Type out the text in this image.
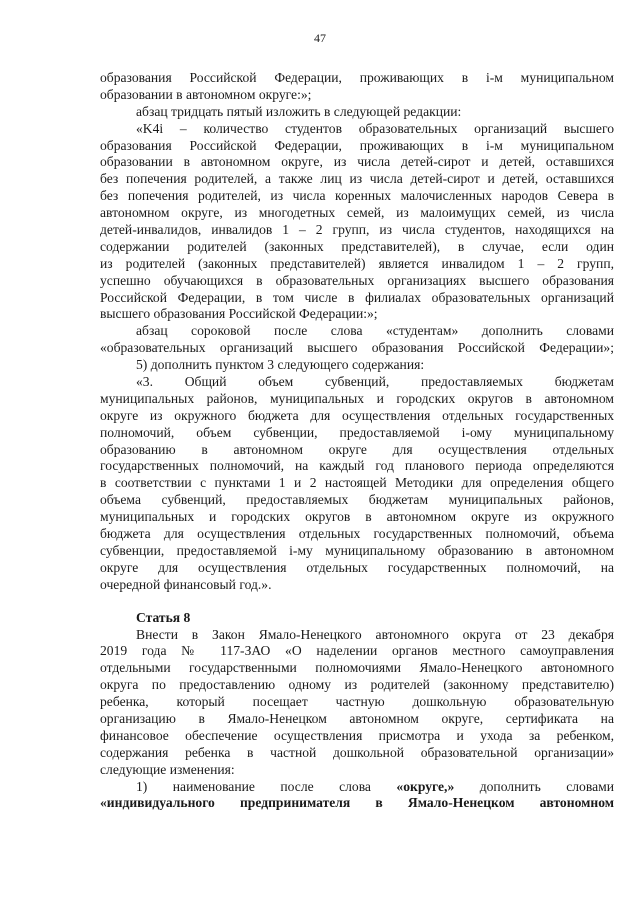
47
образования Российской Федерации, проживающих в i-м муниципальном
образовании в автономном округе:»;
абзац тридцать пятый изложить в следующей редакции:
«K4i – количество студентов образовательных организаций высшего
образования Российской Федерации, проживающих в i-м муниципальном
образовании в автономном округе, из числа детей-сирот и детей, оставшихся
без попечения родителей, а также лиц из числа детей-сирот и детей, оставшихся
без попечения родителей, из числа коренных малочисленных народов Севера в
автономном округе, из многодетных семей, из малоимущих семей, из числа
детей-инвалидов, инвалидов 1 – 2 групп, из числа студентов, находящихся на
содержании родителей (законных представителей), в случае, если один
из родителей (законных представителей) является инвалидом 1 – 2 групп,
успешно обучающихся в образовательных организациях высшего образования
Российской Федерации, в том числе в филиалах образовательных организаций
высшего образования Российской Федерации:»;
абзац сороковой после слова «студентам» дополнить словами
«образовательных организаций высшего образования Российской Федерации»;
5) дополнить пунктом 3 следующего содержания:
«3. Общий объем субвенций, предоставляемых бюджетам
муниципальных районов, муниципальных и городских округов в автономном
округе из окружного бюджета для осуществления отдельных государственных
полномочий, объем субвенции, предоставляемой i-ому муниципальному
образованию в автономном округе для осуществления отдельных
государственных полномочий, на каждый год планового периода определяются
в соответствии с пунктами 1 и 2 настоящей Методики для определения общего
объема субвенций, предоставляемых бюджетам муниципальных районов,
муниципальных и городских округов в автономном округе из окружного
бюджета для осуществления отдельных государственных полномочий, объема
субвенции, предоставляемой i-му муниципальному образованию в автономном
округе для осуществления отдельных государственных полномочий, на
очередной финансовый год.».
Статья 8
Внести в Закон Ямало-Ненецкого автономного округа от 23 декабря
2019 года № 117-ЗАО «О наделении органов местного самоуправления
отдельными государственными полномочиями Ямало-Ненецкого автономного
округа по предоставлению одному из родителей (законному представителю)
ребенка, который посещает частную дошкольную образовательную
организацию в Ямало-Ненецком автономном округе, сертификата на
финансовое обеспечение осуществления присмотра и ухода за ребенком,
содержания ребенка в частной дошкольной образовательной организации»
следующие изменения:
1) наименование после слова «округе,» дополнить словами
«индивидуального предпринимателя в Ямало-Ненецком автономном
